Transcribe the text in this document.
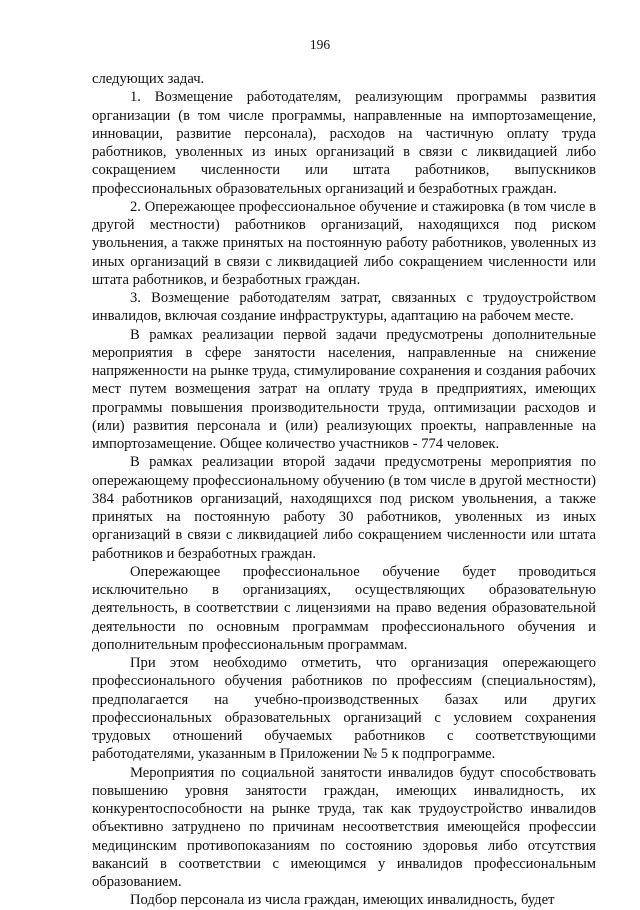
196

следующих задач.

1. Возмещение работодателям, реализующим программы развития организации (в том числе программы, направленные на импортозамещение, инновации, развитие персонала), расходов на частичную оплату труда работников, уволенных из иных организаций в связи с ликвидацией либо сокращением численности или штата работников, выпускников профессиональных образовательных организаций и безработных граждан.

2. Опережающее профессиональное обучение и стажировка (в том числе в другой местности) работников организаций, находящихся под риском увольнения, а также принятых на постоянную работу работников, уволенных из иных организаций в связи с ликвидацией либо сокращением численности или штата работников, и безработных граждан.

3. Возмещение работодателям затрат, связанных с трудоустройством инвалидов, включая создание инфраструктуры, адаптацию на рабочем месте.

В рамках реализации первой задачи предусмотрены дополнительные мероприятия в сфере занятости населения, направленные на снижение напряженности на рынке труда, стимулирование сохранения и создания рабочих мест путем возмещения затрат на оплату труда в предприятиях, имеющих программы повышения производительности труда, оптимизации расходов и (или) развития персонала и (или) реализующих проекты, направленные на импортозамещение. Общее количество участников - 774 человек.

В рамках реализации второй задачи предусмотрены мероприятия по опережающему профессиональному обучению (в том числе в другой местности) 384 работников организаций, находящихся под риском увольнения, а также принятых на постоянную работу 30 работников, уволенных из иных организаций в связи с ликвидацией либо сокращением численности или штата работников и безработных граждан.

Опережающее профессиональное обучение будет проводиться исключительно в организациях, осуществляющих образовательную деятельность, в соответствии с лицензиями на право ведения образовательной деятельности по основным программам профессионального обучения и дополнительным профессиональным программам.

При этом необходимо отметить, что организация опережающего профессионального обучения работников по профессиям (специальностям), предполагается на учебно-производственных базах или других профессиональных образовательных организаций с условием сохранения трудовых отношений обучаемых работников с соответствующими работодателями, указанным в Приложении № 5 к подпрограмме.

Мероприятия по социальной занятости инвалидов будут способствовать повышению уровня занятости граждан, имеющих инвалидность, их конкурентоспособности на рынке труда, так как трудоустройство инвалидов объективно затруднено по причинам несоответствия имеющейся профессии медицинским противопоказаниям по состоянию здоровья либо отсутствия вакансий в соответствии с имеющимся у инвалидов профессиональным образованием.

Подбор персонала из числа граждан, имеющих инвалидность, будет
